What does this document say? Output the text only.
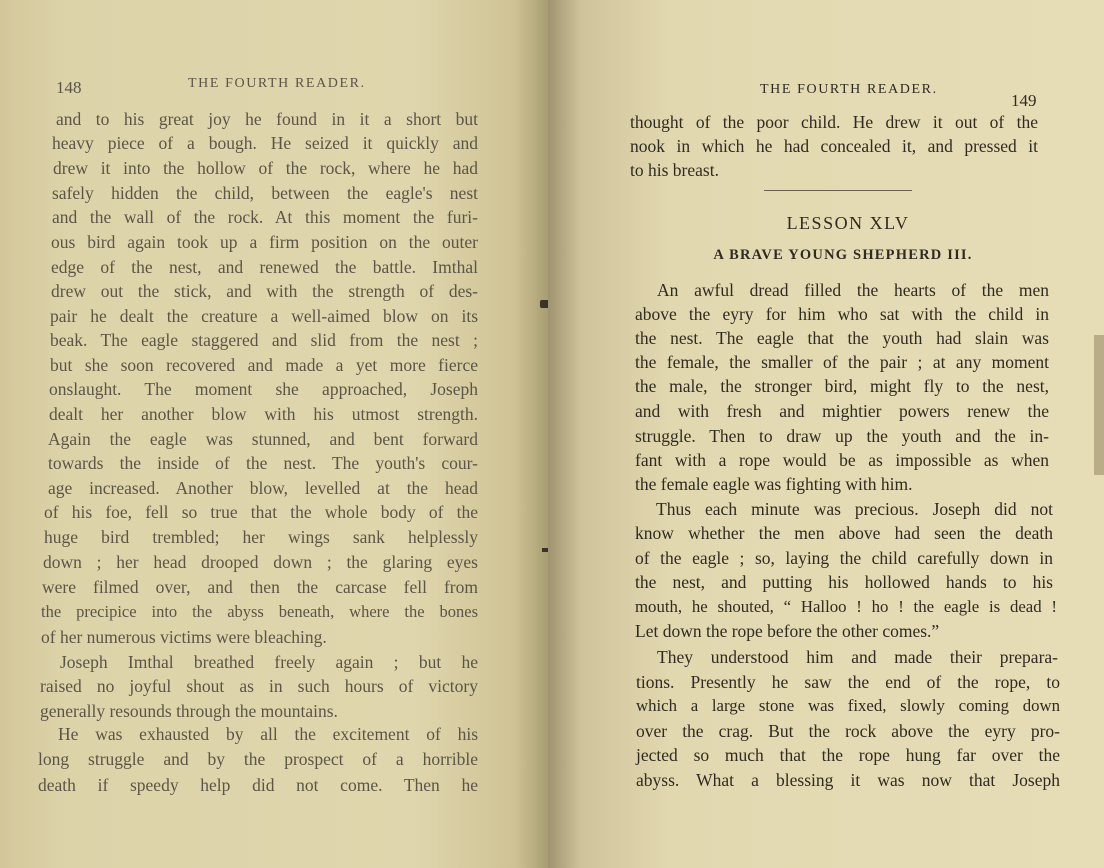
148	THE FOURTH READER.
and to his great joy he found in it a short but
heavy piece of a bough. He seized it quickly and
drew it into the hollow of the rock, where he had
safely hidden the child, between the eagle's nest
and the wall of the rock. At this moment the furi-
ous bird again took up a firm position on the outer
edge of the nest, and renewed the battle. Imthal
drew out the stick, and with the strength of des-
pair he dealt the creature a well-aimed blow on its
beak. The eagle staggered and slid from the nest ;
but she soon recovered and made a yet more fierce
onslaught. The moment she approached, Joseph
dealt her another blow with his utmost strength.
Again the eagle was stunned, and bent forward
towards the inside of the nest. The youth's cour-
age increased. Another blow, levelled at the head
of his foe, fell so true that the whole body of the
huge bird trembled; her wings sank helplessly
down ; her head drooped down ; the glaring eyes
were filmed over, and then the carcase fell from
the precipice into the abyss beneath, where the bones
of her numerous victims were bleaching.
Joseph Imthal breathed freely again ; but he
raised no joyful shout as in such hours of victory
generally resounds through the mountains.
He was exhausted by all the excitement of his
long struggle and by the prospect of a horrible
death if speedy help did not come. Then he
THE FOURTH READER.
149
thought of the poor child. He drew it out of the
nook in which he had concealed it, and pressed it
to his breast.
LESSON XLV
A BRAVE YOUNG SHEPHERD III.
An awful dread filled the hearts of the men
above the eyry for him who sat with the child in
the nest. The eagle that the youth had slain was
the female, the smaller of the pair ; at any moment
the male, the stronger bird, might fly to the nest,
and with fresh and mightier powers renew the
struggle. Then to draw up the youth and the in-
fant with a rope would be as impossible as when
the female eagle was fighting with him.
Thus each minute was precious. Joseph did not
know whether the men above had seen the death
of the eagle ; so, laying the child carefully down in
the nest, and putting his hollowed hands to his
mouth, he shouted, “ Halloo ! ho ! the eagle is dead !
Let down the rope before the other comes.”
They understood him and made their prepara-
tions. Presently he saw the end of the rope, to
which a large stone was fixed, slowly coming down
over the crag. But the rock above the eyry pro-
jected so much that the rope hung far over the
abyss. What a blessing it was now that Joseph
